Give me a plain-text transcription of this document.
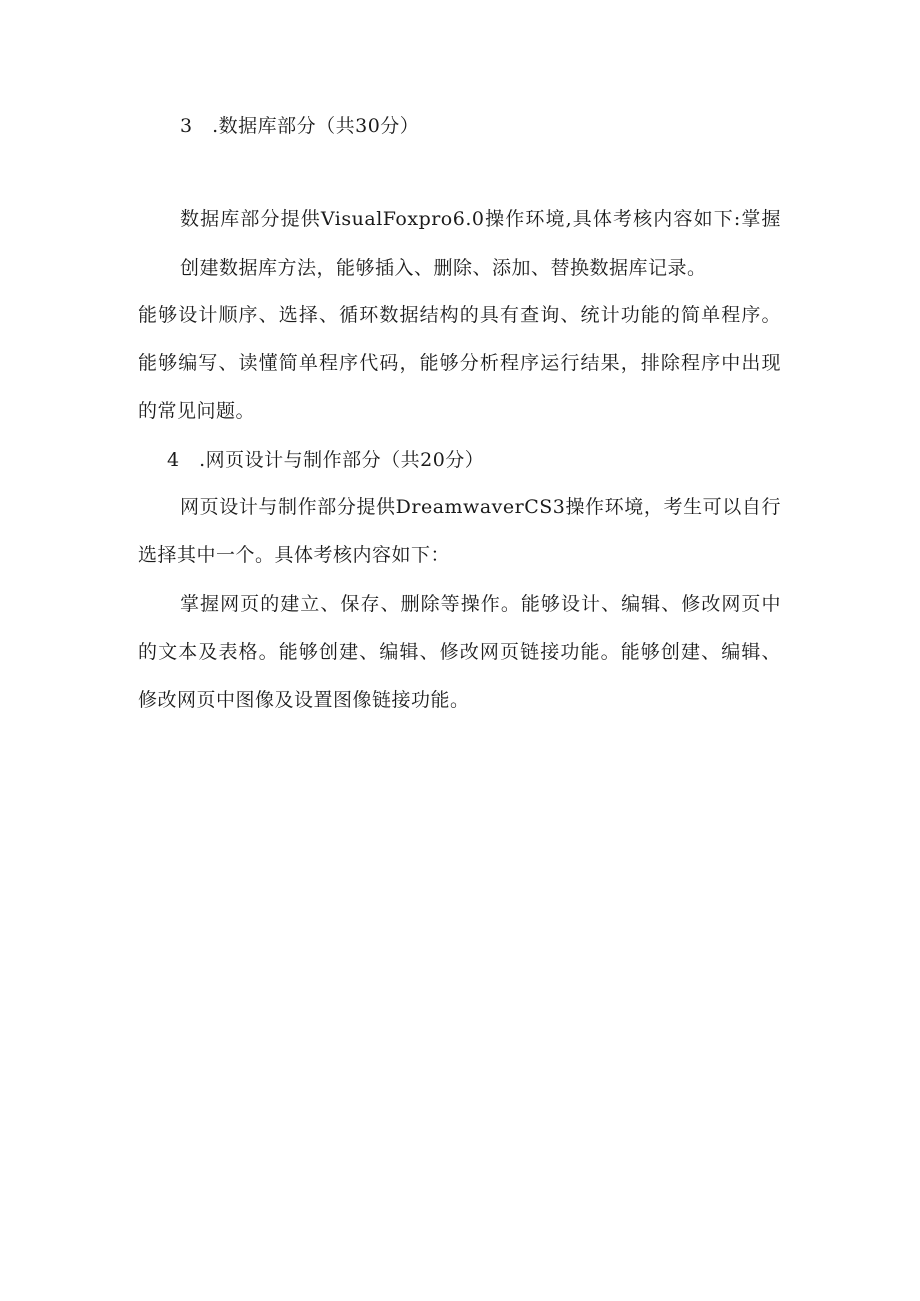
3　.数据库部分（共30分）
数据库部分提供VisualFoxpro6.0操作环境,具体考核内容如下:掌握
创建数据库方法，能够插入、删除、添加、替换数据库记录。
能够设计顺序、选择、循环数据结构的具有查询、统计功能的简单程序。
能够编写、读懂简单程序代码，能够分析程序运行结果，排除程序中出现
的常见问题。
4　.网页设计与制作部分（共20分）
网页设计与制作部分提供DreamwaverCS3操作环境，考生可以自行
选择其中一个。具体考核内容如下：
掌握网页的建立、保存、删除等操作。能够设计、编辑、修改网页中
的文本及表格。能够创建、编辑、修改网页链接功能。能够创建、编辑、
修改网页中图像及设置图像链接功能。
